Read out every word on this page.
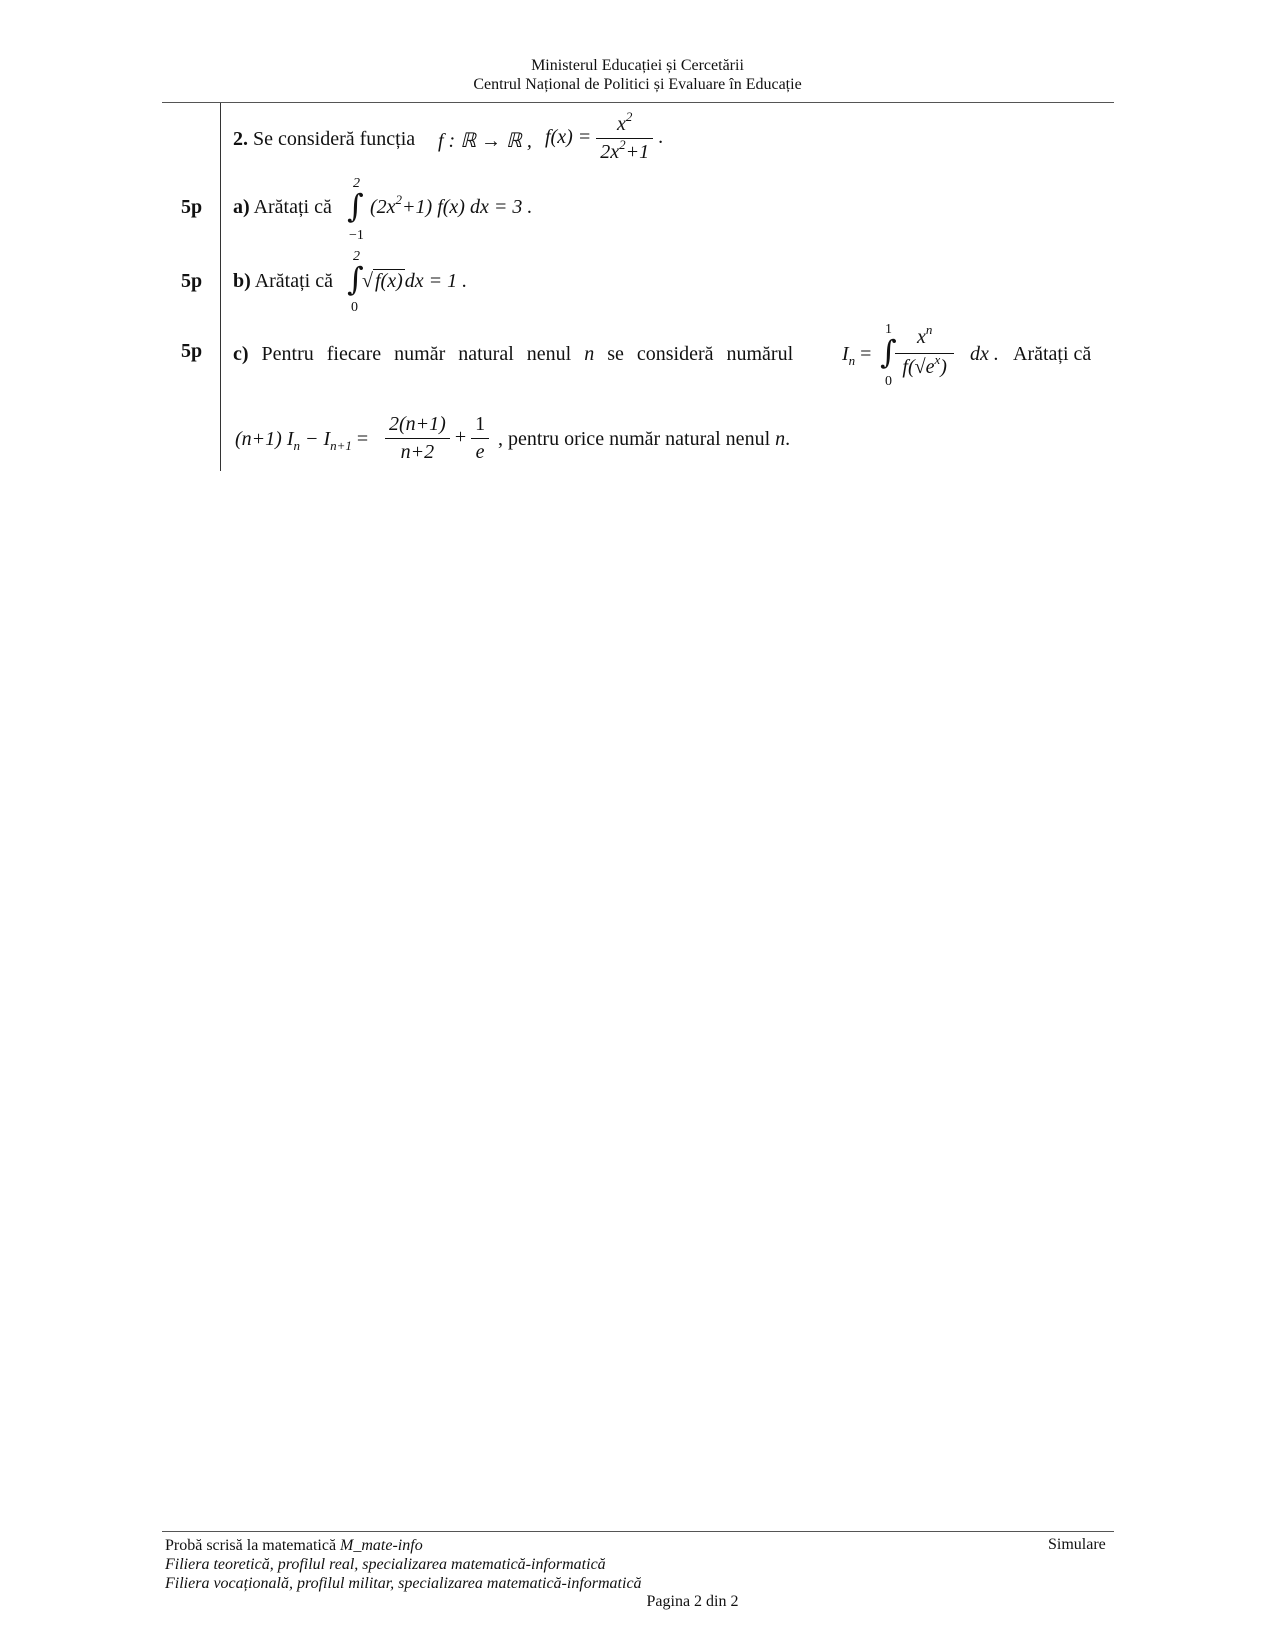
Ministerul Educației și Cercetării
Centrul Național de Politici și Evaluare în Educație
2. Se consideră funcția f : ℝ → ℝ , $f(x) = \frac{x^2}{2x^2+1}$ .
5p a) Arătați că
2
∫
−1
$(2x^2+1)$ f(x) dx = 3 .
5p b) Arătați că
2
∫
0
√ f(x) dx = 1 .
5p c) Pentru fiecare număr natural nenul n se consideră numărul $I_n$ =
1
∫
0
$\frac{x^n}{f(√e^x)}$ dx . Arătați că
(n+1) $I_n - I_{n+1} = \frac{2(n+1)}{n+2} + \frac{1}{e}$ , pentru orice număr natural nenul n.
Probă scrisă la matematică M_mate-info
Filiera teoretică, profilul real, specializarea matematică-informatică
Filiera vocațională, profilul militar, specializarea matematică-informatică
Simulare
Pagina 2 din 2
